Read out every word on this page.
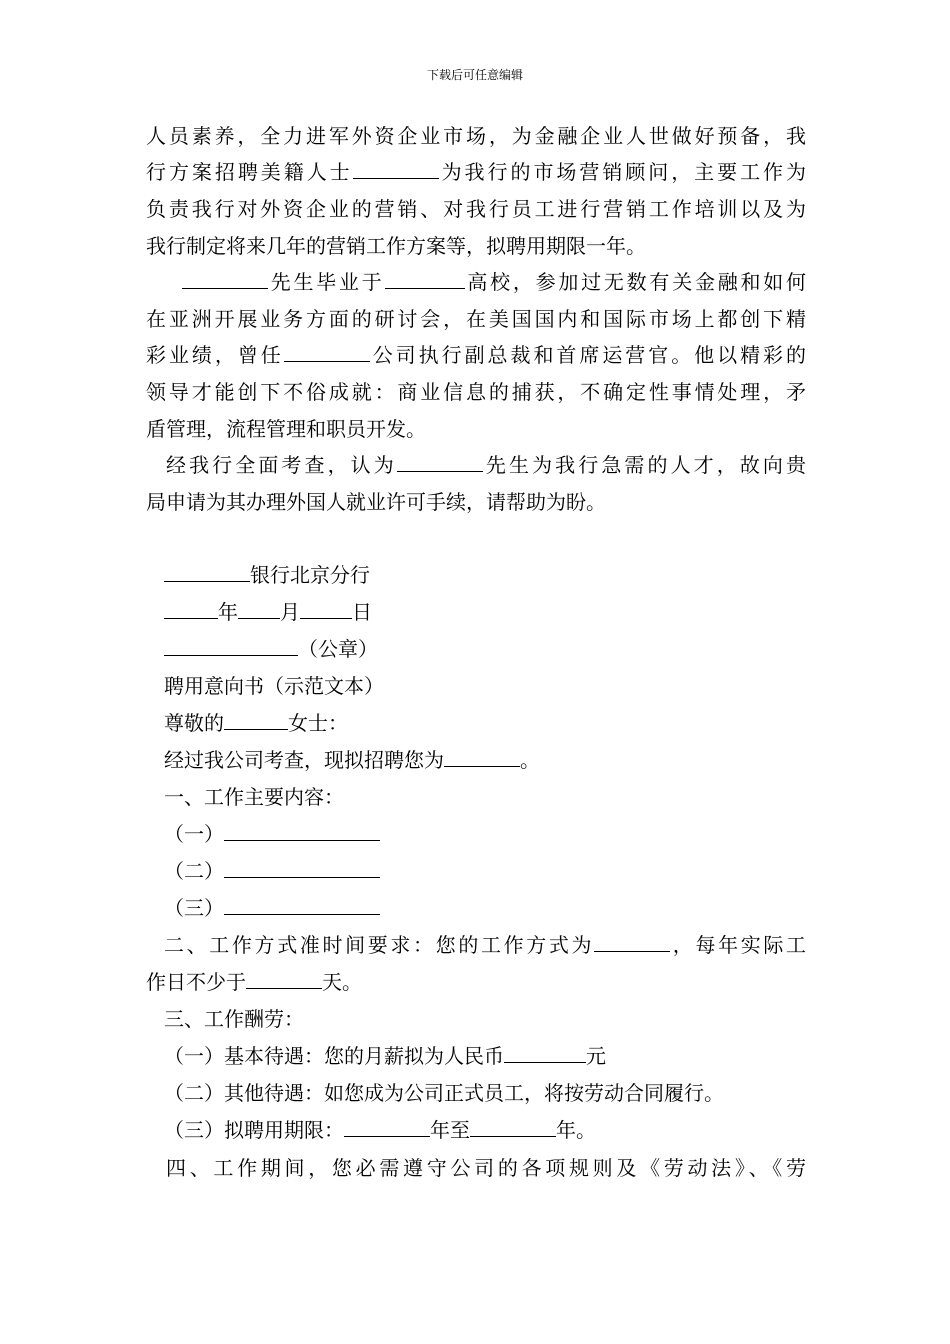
下载后可任意编辑
人员素养，全力进军外资企业市场，为金融企业人世做好预备，我
行方案招聘美籍人士	为我行的市场营销顾问，主要工作为
负责我行对外资企业的营销、对我行员工进行营销工作培训以及为
我行制定将来几年的营销工作方案等，拟聘用期限一年。
先生毕业于	高校，参加过无数有关金融和如何
在亚洲开展业务方面的研讨会，在美国国内和国际市场上都创下精
彩业绩，曾任	公司执行副总裁和首席运营官。他以精彩的
领导才能创下不俗成就：商业信息的捕获，不确定性事情处理，矛
盾管理，流程管理和职员开发。
经我行全面考查，认为	先生为我行急需的人才，故向贵
局申请为其办理外国人就业许可手续，请帮助为盼。
银行北京分行
年 月	日
（公章）
聘用意向书（示范文本）
尊敬的	女士：
经过我公司考查，现拟招聘您为	。
一、工作主要内容：
（一）
（二）
（三）
二、工作方式准时间要求：您的工作方式为	，每年实际工
作日不少于	天。
三、工作酬劳：
（一）基本待遇：您的月薪拟为人民币	元
（二）其他待遇：如您成为公司正式员工，将按劳动合同履行。
（三）拟聘用期限：	年至	年。
四、工作期间，您必需遵守公司的各项规则及《劳动法》、《劳
